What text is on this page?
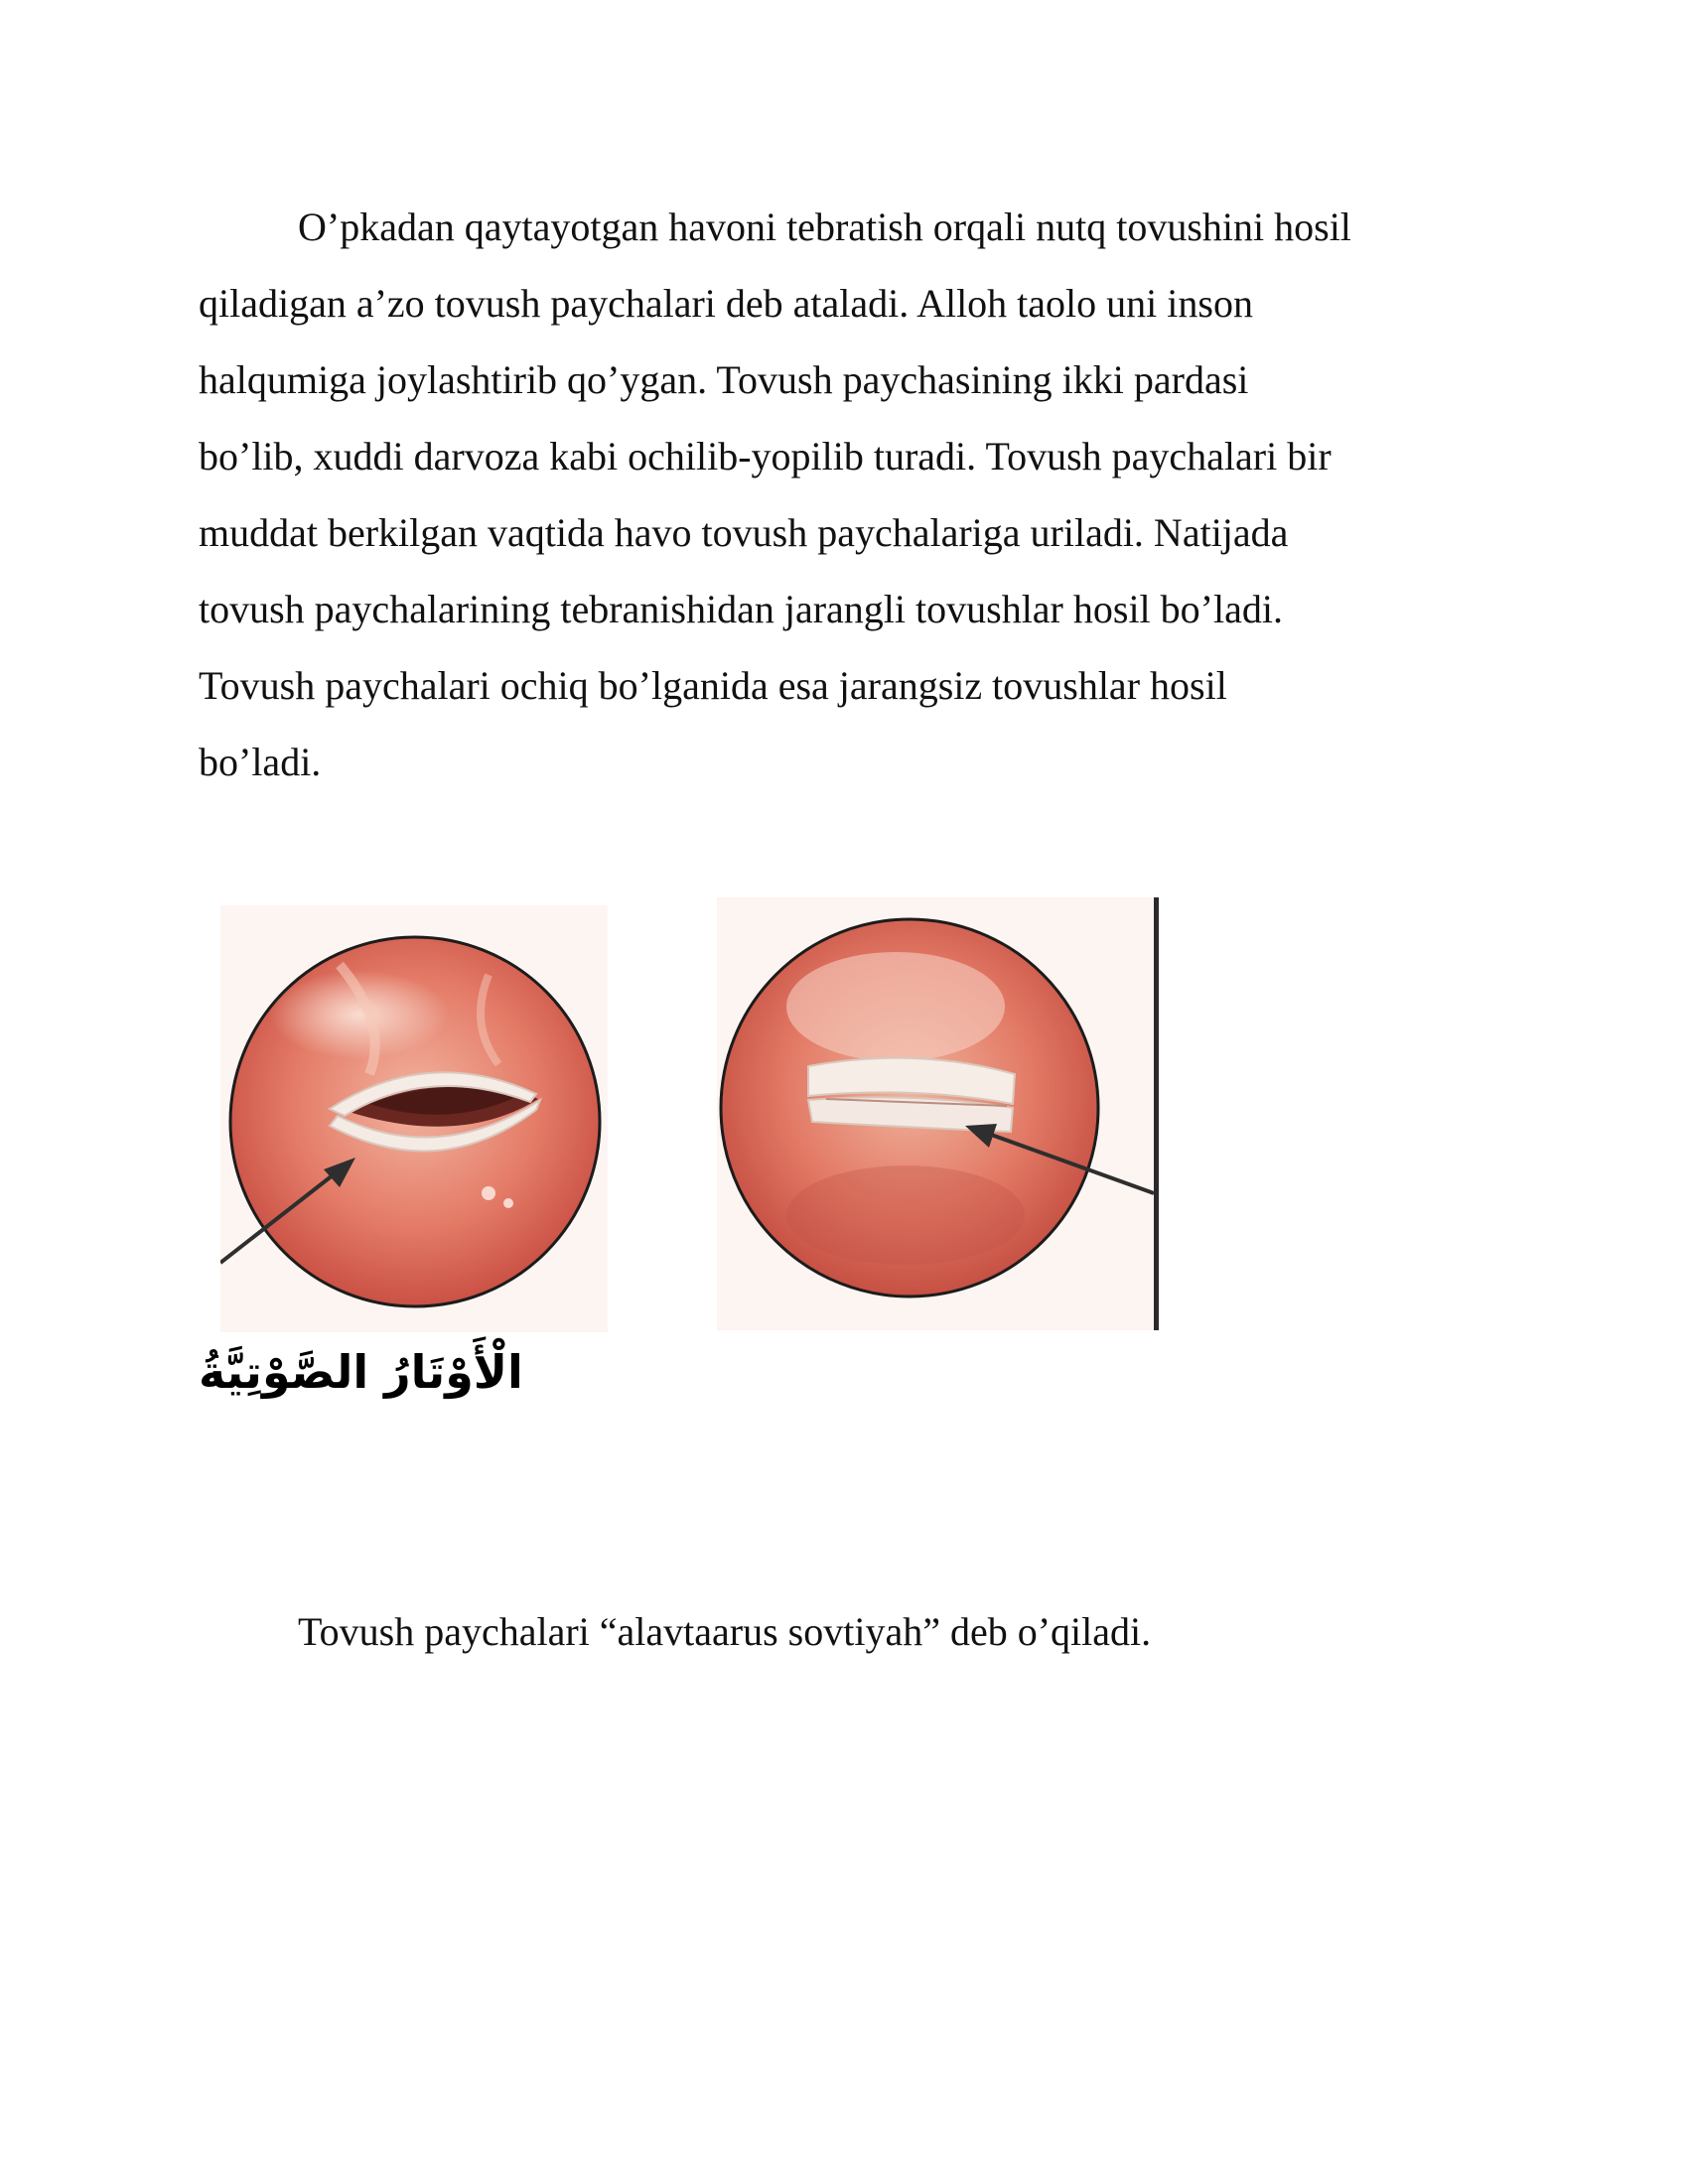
O’pkadan qaytayotgan havoni tebratish orqali nutq tovushini hosil
qiladigan a’zo tovush paychalari deb ataladi. Alloh taolo uni inson
halqumiga joylashtirib qo’ygan. Tovush paychasining ikki pardasi
bo’lib, xuddi darvoza kabi ochilib-yopilib turadi. Tovush paychalari bir
muddat berkilgan vaqtida havo tovush paychalariga uriladi. Natijada
tovush paychalarining tebranishidan jarangli tovushlar hosil bo’ladi.
Tovush paychalari ochiq bo’lganida esa jarangsiz tovushlar hosil
bo’ladi.
الْأَوْتَارُ الصَّوْتِيَّةُ
Tovush paychalari “alavtaarus sovtiyah” deb o’qiladi.
